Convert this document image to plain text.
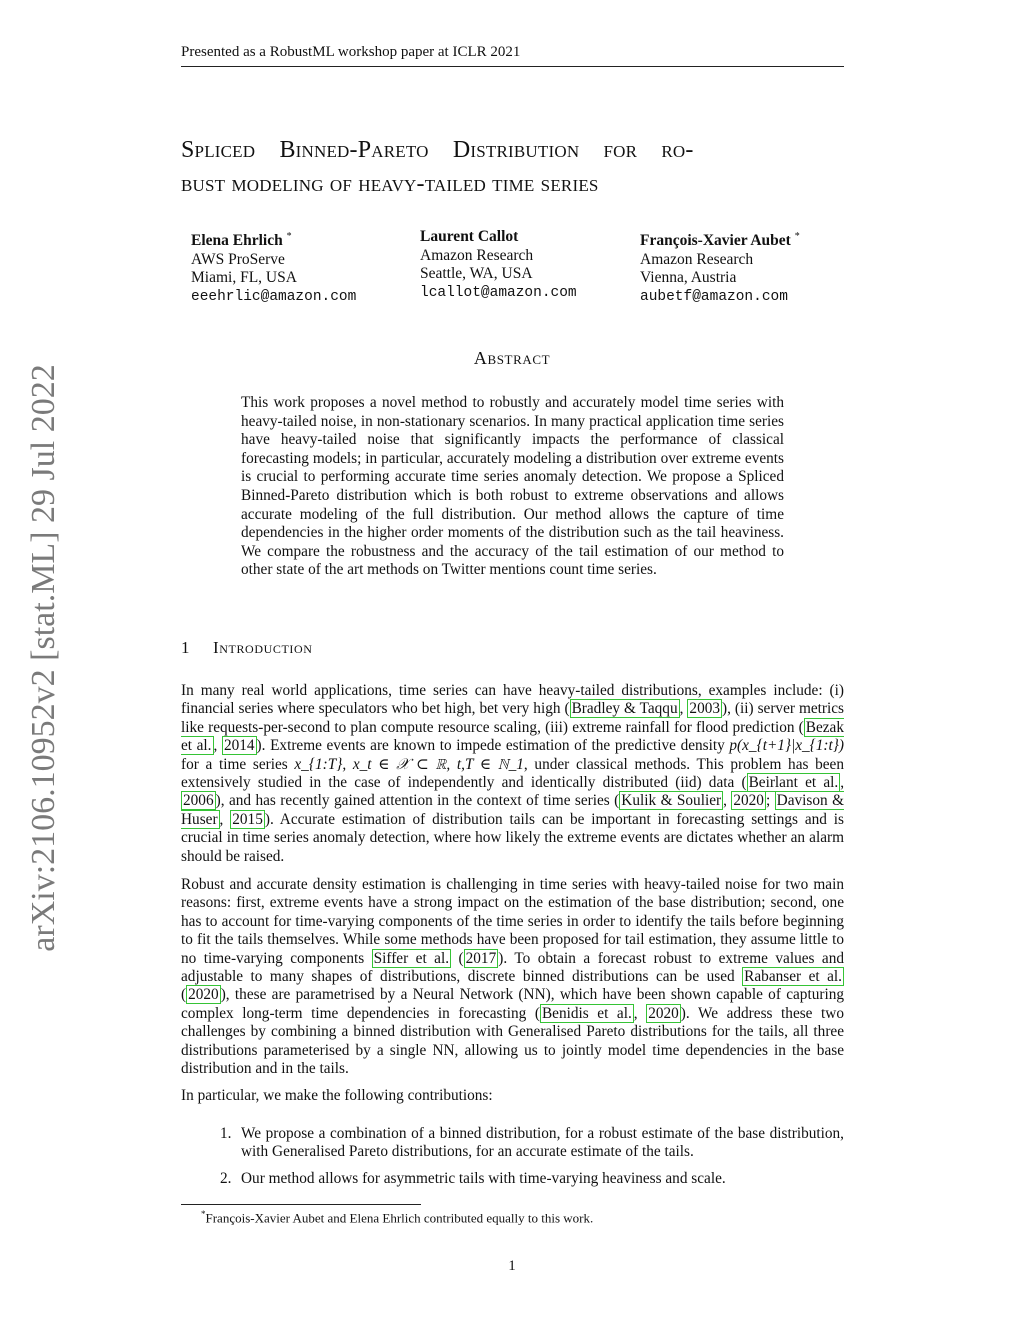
Presented as a RobustML workshop paper at ICLR 2021
Spliced Binned-Pareto Distribution for ro-
bust modeling of heavy-tailed time series
Elena Ehrlich *
AWS ProServe
Miami, FL, USA
eeehrlic@amazon.com
Laurent Callot
Amazon Research
Seattle, WA, USA
lcallot@amazon.com
François-Xavier Aubet *
Amazon Research
Vienna, Austria
aubetf@amazon.com
Abstract
This work proposes a novel method to robustly and accurately model time series with heavy-tailed noise, in non-stationary scenarios. In many practical application time series have heavy-tailed noise that significantly impacts the performance of classical forecasting models; in particular, accurately modeling a distribution over extreme events is crucial to performing accurate time series anomaly detection. We propose a Spliced Binned-Pareto distribution which is both robust to extreme observations and allows accurate modeling of the full distribution. Our method allows the capture of time dependencies in the higher order moments of the distribution such as the tail heaviness. We compare the robustness and the accuracy of the tail estimation of our method to other state of the art methods on Twitter mentions count time series.
1 Introduction
In many real world applications, time series can have heavy-tailed distributions, examples include: (i) financial series where speculators who bet high, bet very high ( Bradley & Taqqu , 2003 ), (ii) server metrics like requests-per-second to plan compute resource scaling, (iii) extreme rainfall for flood prediction ( Bezak et al. , 2014 ). Extreme events are known to impede estimation of the predictive density p(x_{t+1}|x_{1:t}) for a time series x_{1:T}, x_t ∈ 𝒳 ⊂ ℝ, t,T ∈ ℕ_1, under classical methods. This problem has been extensively studied in the case of independently and identically distributed (iid) data ( Beirlant et al. , 2006 ), and has recently gained attention in the context of time series ( Kulik & Soulier , 2020 ; Davison & Huser , 2015 ). Accurate estimation of distribution tails can be important in forecasting settings and is crucial in time series anomaly detection, where how likely the extreme events are dictates whether an alarm should be raised.
Robust and accurate density estimation is challenging in time series with heavy-tailed noise for two main reasons: first, extreme events have a strong impact on the estimation of the base distribution; second, one has to account for time-varying components of the time series in order to identify the tails before beginning to fit the tails themselves. While some methods have been proposed for tail estimation, they assume little to no time-varying components Siffer et al. ( 2017 ). To obtain a forecast robust to extreme values and adjustable to many shapes of distributions, discrete binned distributions can be used Rabanser et al. ( 2020 ), these are parametrised by a Neural Network (NN), which have been shown capable of capturing complex long-term time dependencies in forecasting ( Benidis et al. , 2020 ). We address these two challenges by combining a binned distribution with Generalised Pareto distributions for the tails, all three distributions parameterised by a single NN, allowing us to jointly model time dependencies in the base distribution and in the tails.
In particular, we make the following contributions:
1. We propose a combination of a binned distribution, for a robust estimate of the base distribution, with Generalised Pareto distributions, for an accurate estimate of the tails.
2. Our method allows for asymmetric tails with time-varying heaviness and scale.
*François-Xavier Aubet and Elena Ehrlich contributed equally to this work.
1
arXiv:2106.10952v2 [stat.ML] 29 Jul 2022
